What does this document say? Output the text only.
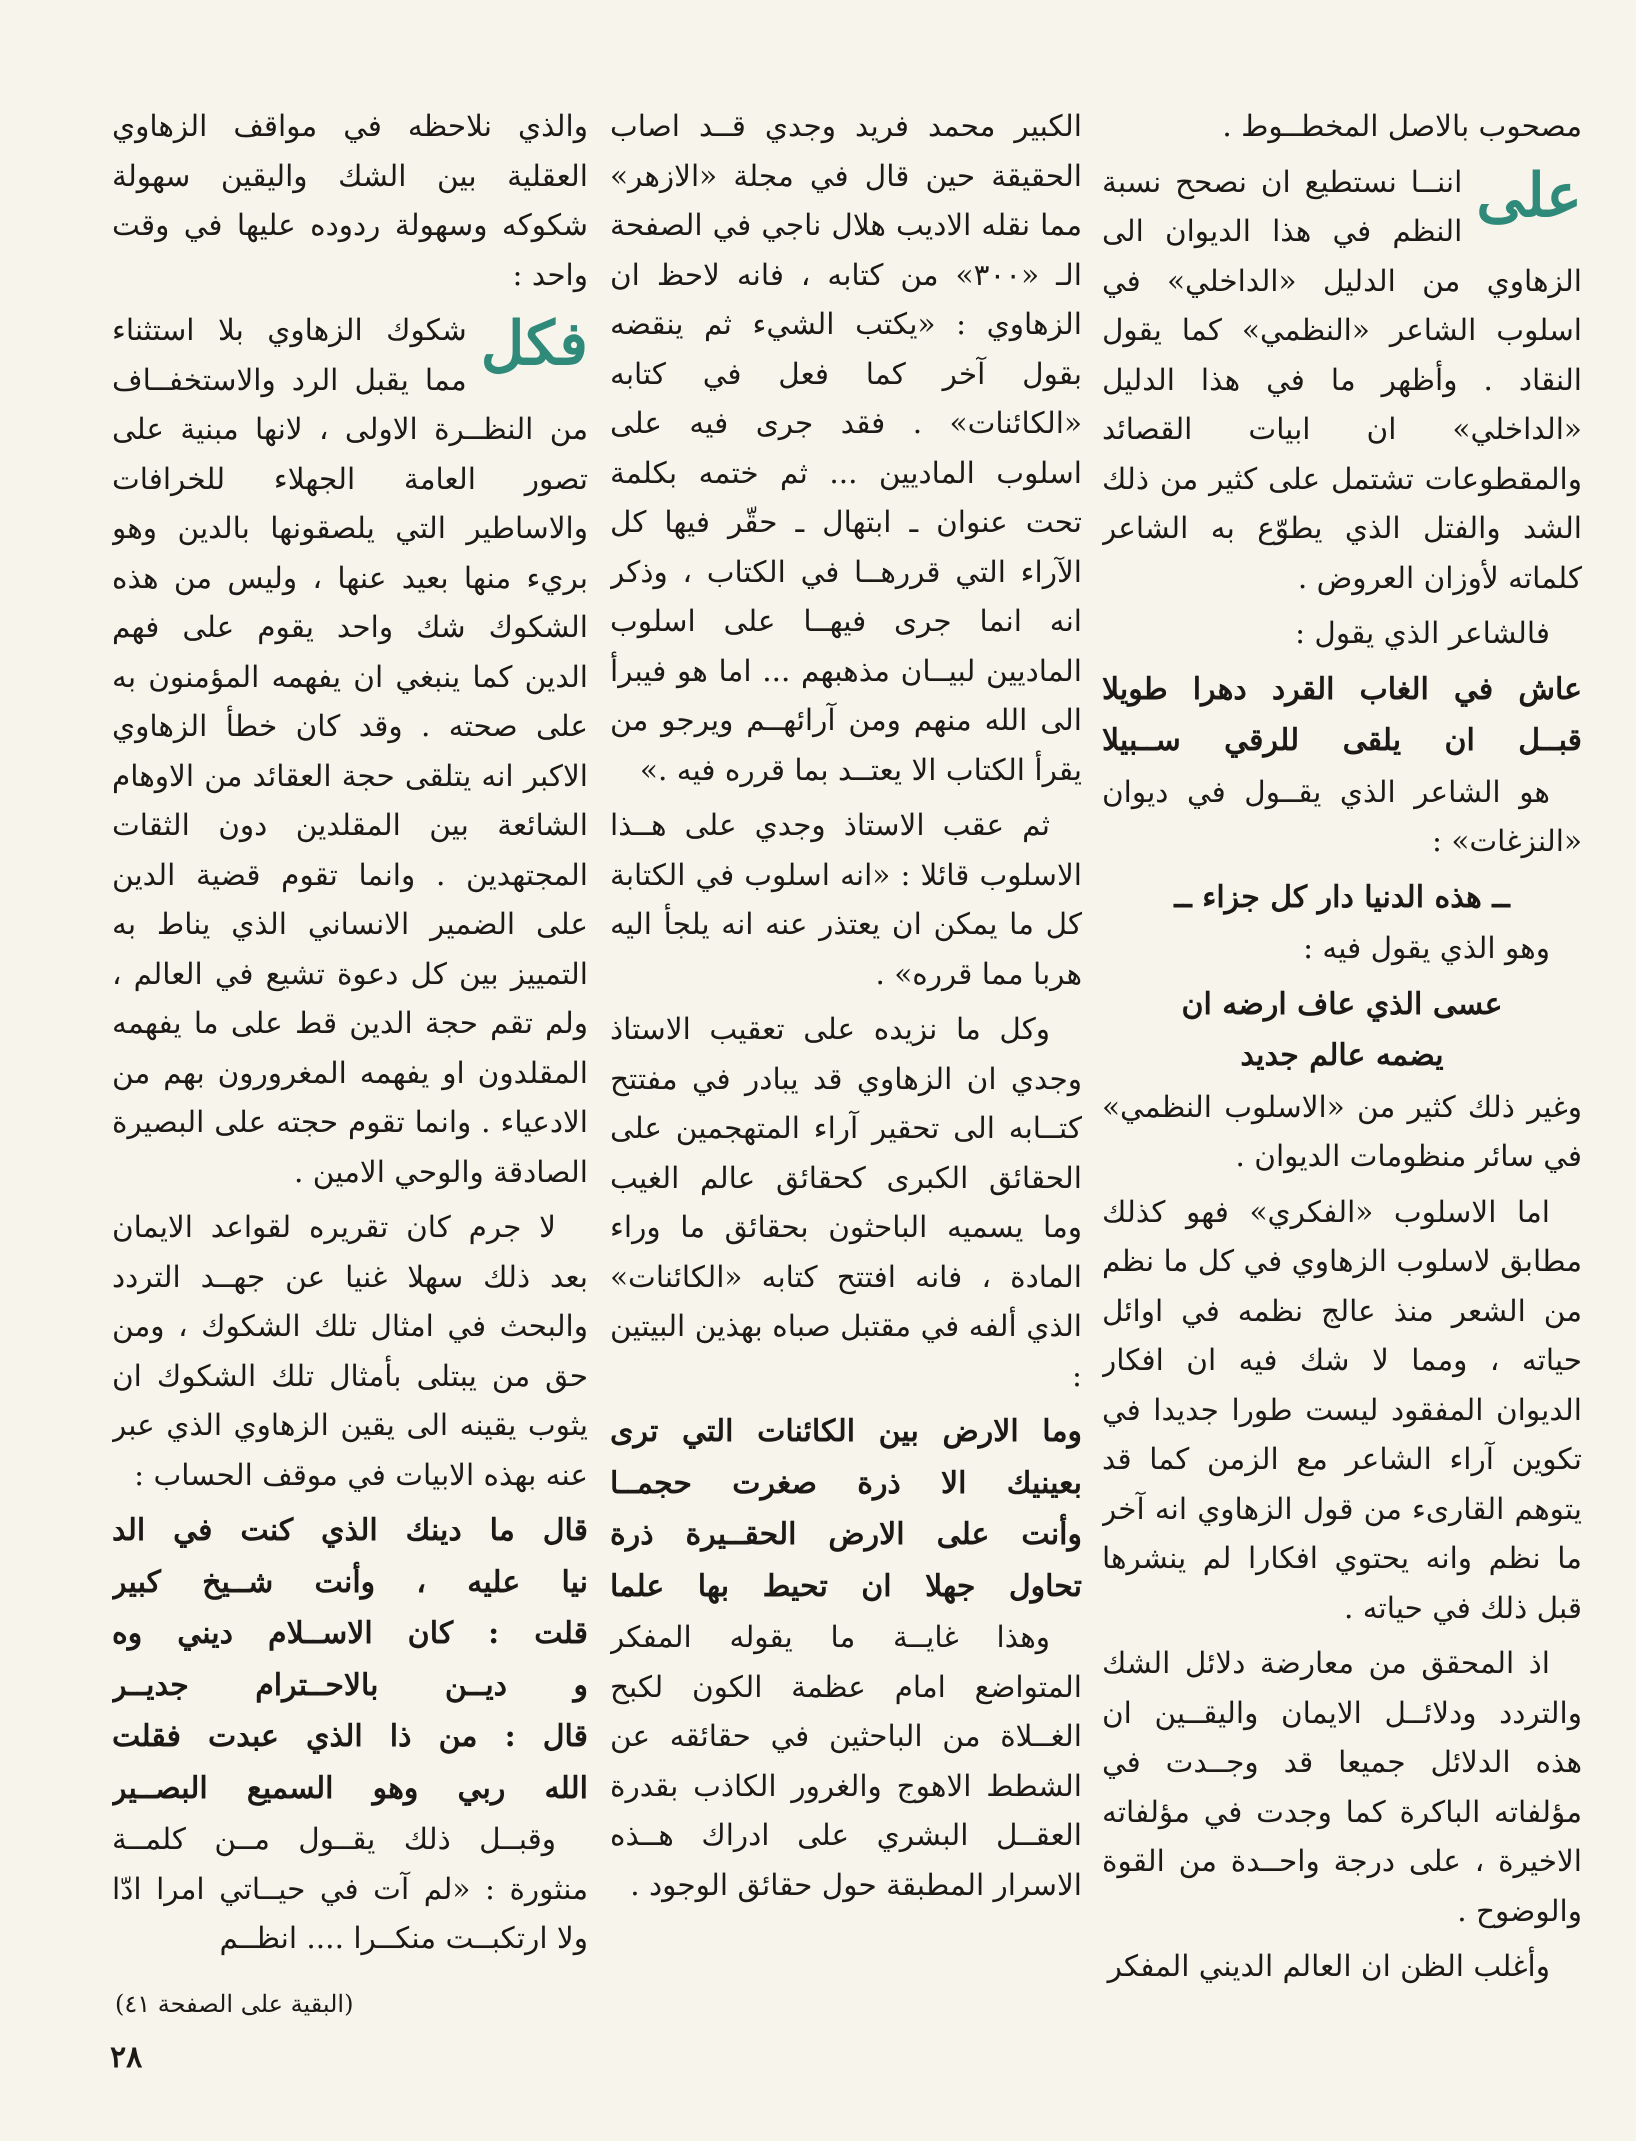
مصحوب بالاصل المخطــوط .

على
اننــا نستطيع ان نصحح نسبة النظم في هذا الديوان الى الزهاوي من الدليل «الداخلي» في اسلوب الشاعر «النظمي» كما يقول النقاد . وأظهر ما في هذا الدليل «الداخلي» ان ابيات القصائد والمقطوعات تشتمل على كثير من ذلك الشد والفتل الذي يطوّع به الشاعر كلماته لأوزان العروض .

فالشاعر الذي يقول :

عاش في الغاب القرد دهرا طويلا
قبــل ان يلقى للرقي ســبيلا

هو الشاعر الذي يقــول في ديوان «النزغات» :

ــ هذه الدنيا دار كل جزاء ــ

وهو الذي يقول فيه :

عسى الذي عاف ارضه ان
يضمه عالم جديد

وغير ذلك كثير من «الاسلوب النظمي» في سائر منظومات الديوان .

اما الاسلوب «الفكري» فهو كذلك مطابق لاسلوب الزهاوي في كل ما نظم من الشعر منذ عالج نظمه في اوائل حياته ، ومما لا شك فيه ان افكار الديوان المفقود ليست طورا جديدا في تكوين آراء الشاعر مع الزمن كما قد يتوهم القارىء من قول الزهاوي انه آخر ما نظم وانه يحتوي افكارا لم ينشرها قبل ذلك في حياته .

اذ المحقق من معارضة دلائل الشك والتردد ودلائــل الايمان واليقــين ان هذه الدلائل جميعا قد وجــدت في مؤلفاته الباكرة كما وجدت في مؤلفاته الاخيرة ، على درجة واحــدة من القوة والوضوح .

وأغلب الظن ان العالم الديني المفكر

الكبير محمد فريد وجدي قــد اصاب الحقيقة حين قال في مجلة «الازهر» مما نقله الاديب هلال ناجي في الصفحة الـ «٣٠٠» من كتابه ، فانه لاحظ ان الزهاوي : «يكتب الشيء ثم ينقضه بقول آخر كما فعل في كتابه «الكائنات» . فقد جرى فيه على اسلوب الماديين ... ثم ختمه بكلمة تحت عنوان ـ ابتهال ـ حقّر فيها كل الآراء التي قررهــا في الكتاب ، وذكر انه انما جرى فيهــا على اسلوب الماديين لبيــان مذهبهم ... اما هو فيبرأ الى الله منهم ومن آرائهــم ويرجو من يقرأ الكتاب الا يعتــد بما قرره فيه .»

ثم عقب الاستاذ وجدي على هــذا الاسلوب قائلا : «انه اسلوب في الكتابة كل ما يمكن ان يعتذر عنه انه يلجأ اليه هربا مما قرره» .

وكل ما نزيده على تعقيب الاستاذ وجدي ان الزهاوي قد يبادر في مفتتح كتــابه الى تحقير آراء المتهجمين على الحقائق الكبرى كحقائق عالم الغيب وما يسميه الباحثون بحقائق ما وراء المادة ، فانه افتتح كتابه «الكائنات» الذي ألفه في مقتبل صباه بهذين البيتين :

وما الارض بين الكائنات التي ترى
بعينيك الا ذرة صغرت حجمــا
وأنت على الارض الحقــيرة ذرة
تحاول جهلا ان تحيط بها علما

وهذا غايــة ما يقوله المفكر المتواضع امام عظمة الكون لكبح الغــلاة من الباحثين في حقائقه عن الشطط الاهوج والغرور الكاذب بقدرة العقــل البشري على ادراك هــذه الاسرار المطبقة حول حقائق الوجود .

والذي نلاحظه في مواقف الزهاوي العقلية بين الشك واليقين سهولة شكوكه وسهولة ردوده عليها في وقت واحد :

فكل
شكوك الزهاوي بلا استثناء مما يقبل الرد والاستخفــاف من النظــرة الاولى ، لانها مبنية على تصور العامة الجهلاء للخرافات والاساطير التي يلصقونها بالدين وهو بريء منها بعيد عنها ، وليس من هذه الشكوك شك واحد يقوم على فهم الدين كما ينبغي ان يفهمه المؤمنون به على صحته . وقد كان خطأ الزهاوي الاكبر انه يتلقى حجة العقائد من الاوهام الشائعة بين المقلدين دون الثقات المجتهدين . وانما تقوم قضية الدين على الضمير الانساني الذي يناط به التمييز بين كل دعوة تشيع في العالم ، ولم تقم حجة الدين قط على ما يفهمه المقلدون او يفهمه المغرورون بهم من الادعياء . وانما تقوم حجته على البصيرة الصادقة والوحي الامين .

لا جرم كان تقريره لقواعد الايمان بعد ذلك سهلا غنيا عن جهــد التردد والبحث في امثال تلك الشكوك ، ومن حق من يبتلى بأمثال تلك الشكوك ان يثوب يقينه الى يقين الزهاوي الذي عبر عنه بهذه الابيات في موقف الحساب :

قال ما دينك الذي كنت في الد
نيا عليه ، وأنت شــيخ كبير
قلت : كان الاســلام ديني وه
و ديــن بالاحــترام جديــر
قال : من ذا الذي عبدت فقلت
الله ربي وهو السميع البصــير

وقبــل ذلك يقــول مــن كلمــة منثورة : «لم آت في حيــاتي امرا ادّا ولا ارتكبــت منكــرا .... انظــم

(البقية على الصفحة ٤١)
٢٨
